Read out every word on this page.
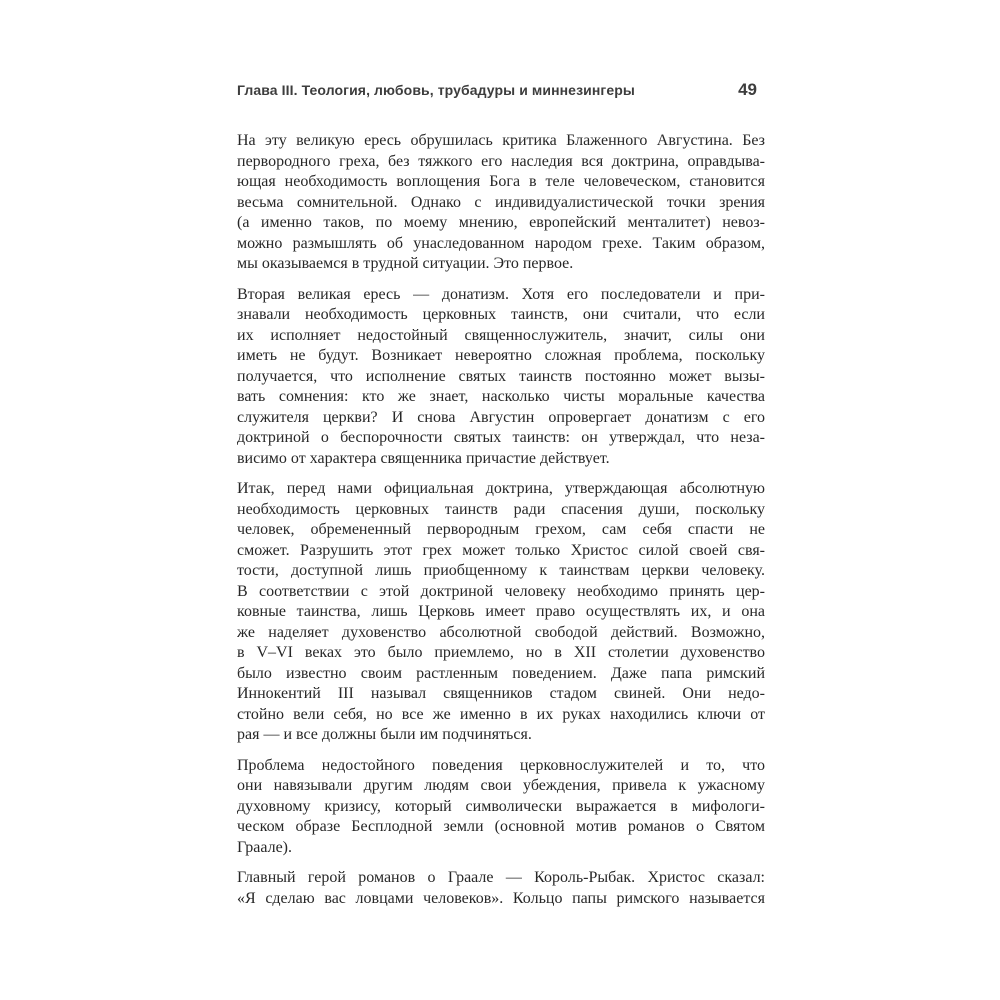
Глава III. Теология, любовь, трубадуры и миннезингеры	49
На эту великую ересь обрушилась критика Блаженного Августина. Без
первородного греха, без тяжкого его наследия вся доктрина, оправдыва-
ющая необходимость воплощения Бога в теле человеческом, становится
весьма сомнительной. Однако с индивидуалистической точки зрения
(а именно таков, по моему мнению, европейский менталитет) невоз-
можно размышлять об унаследованном народом грехе. Таким образом,
мы оказываемся в трудной ситуации. Это первое.
Вторая великая ересь — донатизм. Хотя его последователи и при-
знавали необходимость церковных таинств, они считали, что если
их исполняет недостойный священнослужитель, значит, силы они
иметь не будут. Возникает невероятно сложная проблема, поскольку
получается, что исполнение святых таинств постоянно может вызы-
вать сомнения: кто же знает, насколько чисты моральные качества
служителя церкви? И снова Августин опровергает донатизм с его
доктриной о беспорочности святых таинств: он утверждал, что неза-
висимо от характера священника причастие действует.
Итак, перед нами официальная доктрина, утверждающая абсолютную
необходимость церковных таинств ради спасения души, поскольку
человек, обремененный первородным грехом, сам себя спасти не
сможет. Разрушить этот грех может только Христос силой своей свя-
тости, доступной лишь приобщенному к таинствам церкви человеку.
В соответствии с этой доктриной человеку необходимо принять цер-
ковные таинства, лишь Церковь имеет право осуществлять их, и она
же наделяет духовенство абсолютной свободой действий. Возможно,
в V–VI веках это было приемлемо, но в XII столетии духовенство
было известно своим растленным поведением. Даже папа римский
Иннокентий III называл священников стадом свиней. Они недо-
стойно вели себя, но все же именно в их руках находились ключи от
рая — и все должны были им подчиняться.
Проблема недостойного поведения церковнослужителей и то, что
они навязывали другим людям свои убеждения, привела к ужасному
духовному кризису, который символически выражается в мифологи-
ческом образе Бесплодной земли (основной мотив романов о Святом
Граале).
Главный герой романов о Граале — Король-Рыбак. Христос сказал:
«Я сделаю вас ловцами человеков». Кольцо папы римского называется
